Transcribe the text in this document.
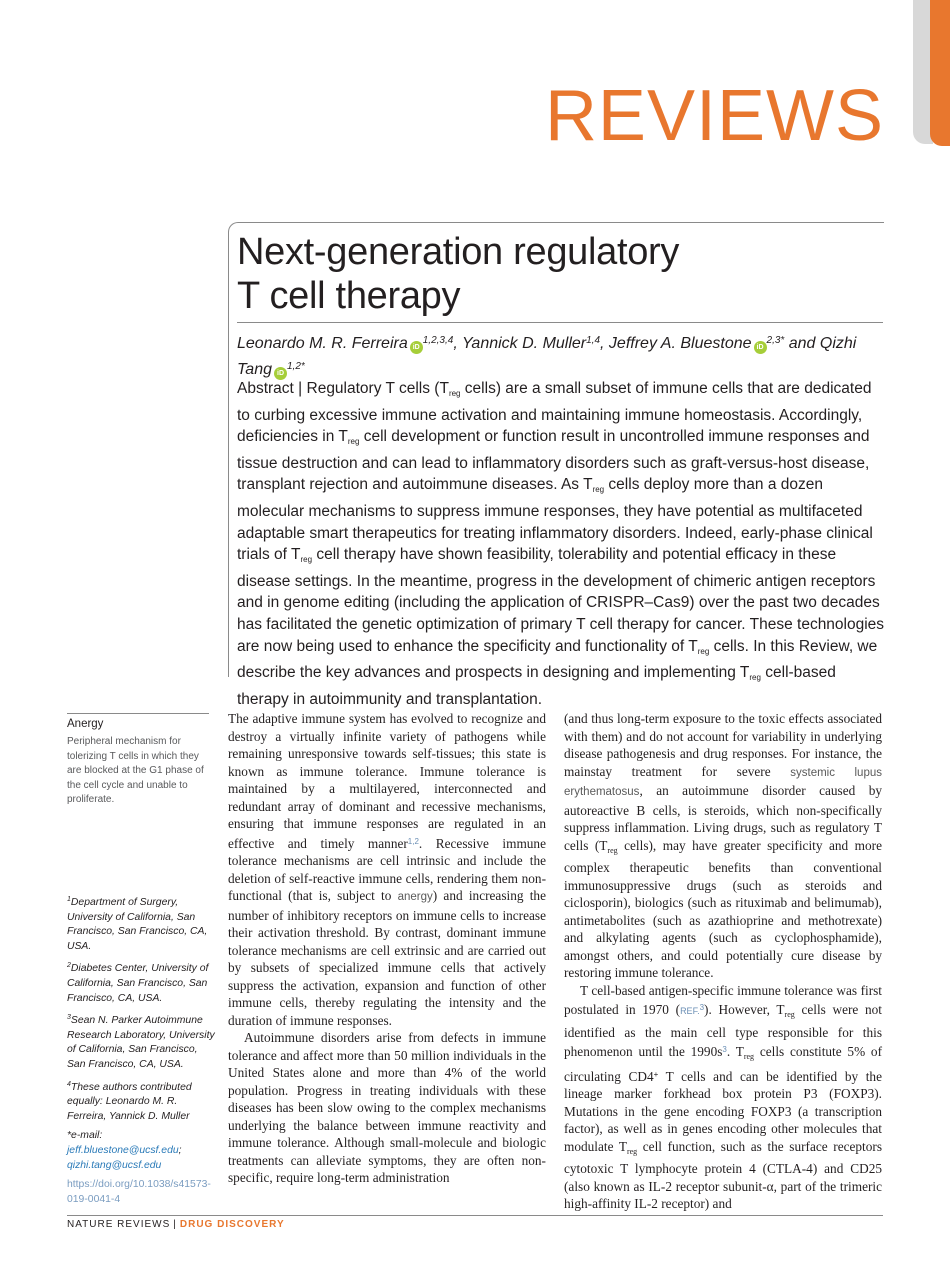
REVIEWS
Next-generation regulatory
T cell therapy
Leonardo M. R. Ferreira iD$^{1,2,3,4}$, Yannick D. Muller$^{1,4}$, Jeffrey A. Bluestone $iD^{2,3*}$ and Qizhi Tang $iD^{1,2*}$

Abstract | Regulatory T cells ($T_{reg}$ cells) are a small subset of immune cells that are dedicated to curbing excessive immune activation and maintaining immune homeostasis. Accordingly, deficiencies in $T_{reg}$ cell development or function result in uncontrolled immune responses and tissue destruction and can lead to inflammatory disorders such as graft-versus-host disease, transplant rejection and autoimmune diseases. As $T_{reg}$ cells deploy more than a dozen molecular mechanisms to suppress immune responses, they have potential as multifaceted adaptable smart therapeutics for treating inflammatory disorders. Indeed, early-phase clinical trials of $T_{reg}$ cell therapy have shown feasibility, tolerability and potential efficacy in these disease settings. In the meantime, progress in the development of chimeric antigen receptors and in genome editing (including the application of CRISPR–Cas9) over the past two decades has facilitated the genetic optimization of primary T cell therapy for cancer. These technologies are now being used to enhance the specificity and functionality of $T_{reg}$ cells. In this Review, we describe the key advances and prospects in designing and implementing $T_{reg}$ cell-based therapy in autoimmunity and transplantation.

Anergy
Peripheral mechanism for tolerizing T cells in which they are blocked at the G1 phase of the cell cycle and unable to proliferate.

$^1$Department of Surgery, University of California, San Francisco, San Francisco, CA, USA.

$^2$Diabetes Center, University of California, San Francisco, San Francisco, CA, USA.

$^3$Sean N. Parker Autoimmune Research Laboratory, University of California, San Francisco, San Francisco, CA, USA.

$^4$These authors contributed equally: Leonardo M. R. Ferreira, Yannick D. Muller

*e-mail: jeff.bluestone@ucsf.edu; qizhi.tang@ucsf.edu

https://doi.org/10.1038/s41573-019-0041-4

The adaptive immune system has evolved to recognize and destroy a virtually infinite variety of pathogens while remaining unresponsive towards self-tissues; this state is known as immune tolerance. Immune tolerance is maintained by a multilayered, interconnected and redundant array of dominant and recessive mechanisms, ensuring that immune responses are regulated in an effective and timely manner$^{1,2}$. Recessive immune tolerance mechanisms are cell intrinsic and include the deletion of self-reactive immune cells, rendering them non-functional (that is, subject to anergy) and increasing the number of inhibitory receptors on immune cells to increase their activation threshold. By contrast, dominant immune tolerance mechanisms are cell extrinsic and are carried out by subsets of specialized immune cells that actively suppress the activation, expansion and function of other immune cells, thereby regulating the intensity and the duration of immune responses.

Autoimmune disorders arise from defects in immune tolerance and affect more than 50 million individuals in the United States alone and more than 4% of the world population. Progress in treating individuals with these diseases has been slow owing to the complex mechanisms underlying the balance between immune reactivity and immune tolerance. Although small-molecule and biologic treatments can alleviate symptoms, they are often non-specific, require long-term administration

(and thus long-term exposure to the toxic effects associated with them) and do not account for variability in underlying disease pathogenesis and drug responses. For instance, the mainstay treatment for severe systemic lupus erythematosus, an autoimmune disorder caused by autoreactive B cells, is steroids, which non-specifically suppress inflammation. Living drugs, such as regulatory T cells ($T_{reg}$ cells), may have greater specificity and more complex therapeutic benefits than conventional immunosuppressive drugs (such as steroids and ciclosporin), biologics (such as rituximab and belimumab), antimetabolites (such as azathioprine and methotrexate) and alkylating agents (such as cyclophosphamide), amongst others, and could potentially cure disease by restoring immune tolerance.

T cell-based antigen-specific immune tolerance was first postulated in 1970 (REF.$^3$). However, $T_{reg}$ cells were not identified as the main cell type responsible for this phenomenon until the 1990s$^3$. $T_{reg}$ cells constitute 5% of circulating CD4+ T cells and can be identified by the lineage marker forkhead box protein P3 (FOXP3). Mutations in the gene encoding FOXP3 (a transcription factor), as well as in genes encoding other molecules that modulate $T_{reg}$ cell function, such as the surface receptors cytotoxic T lymphocyte protein 4 (CTLA-4) and CD25 (also known as IL-2 receptor subunit-α, part of the trimeric high-affinity IL-2 receptor) and

NATURE REVIEWS | DRUG DISCOVERY
